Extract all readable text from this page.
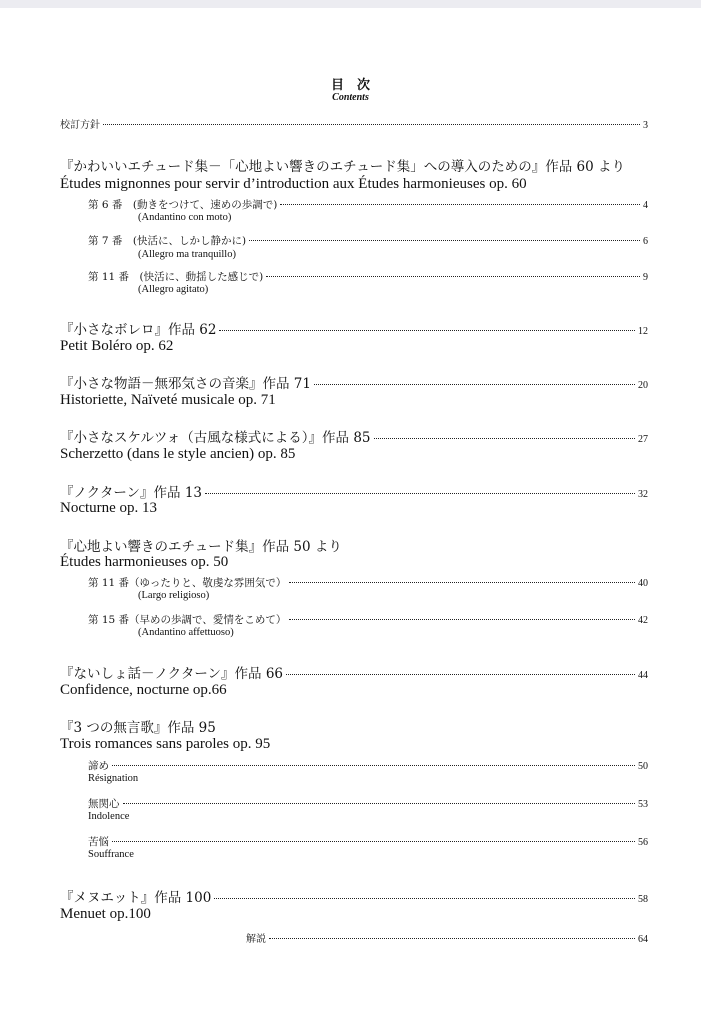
目　次
Contents
校訂方針	3
『かわいいエチュード集－「心地よい響きのエチュード集」への導入のための』作品 60 より
Études mignonnes pour servir d’introduction aux Études harmonieuses op. 60
第 6 番　(動きをつけて、速めの歩調で)	4
(Andantino con moto)
第 7 番　(快活に、しかし静かに)	6
(Allegro ma tranquillo)
第 11 番　(快活に、動揺した感じで)	9
(Allegro agitato)
『小さなボレロ』作品 62	12
Petit Boléro op. 62
『小さな物語－無邪気さの音楽』作品 71	20
Historiette, Naïveté musicale op. 71
『小さなスケルツォ（古風な様式による）』作品 85	27
Scherzetto (dans le style ancien) op. 85
『ノクターン』作品 13	32
Nocturne op. 13
『心地よい響きのエチュード集』作品 50 より
Études harmonieuses op. 50
第 11 番（ゆったりと、敬虔な雰囲気で）	40
(Largo religioso)
第 15 番（早めの歩調で、愛情をこめて）	42
(Andantino affettuoso)
『ないしょ話－ノクターン』作品 66	44
Confidence, nocturne op.66
『3 つの無言歌』作品 95
Trois romances sans paroles op. 95
諦め	50
Résignation
無関心	53
Indolence
苦悩	56
Souffrance
『メヌエット』作品 100	58
Menuet op.100
解説	64
